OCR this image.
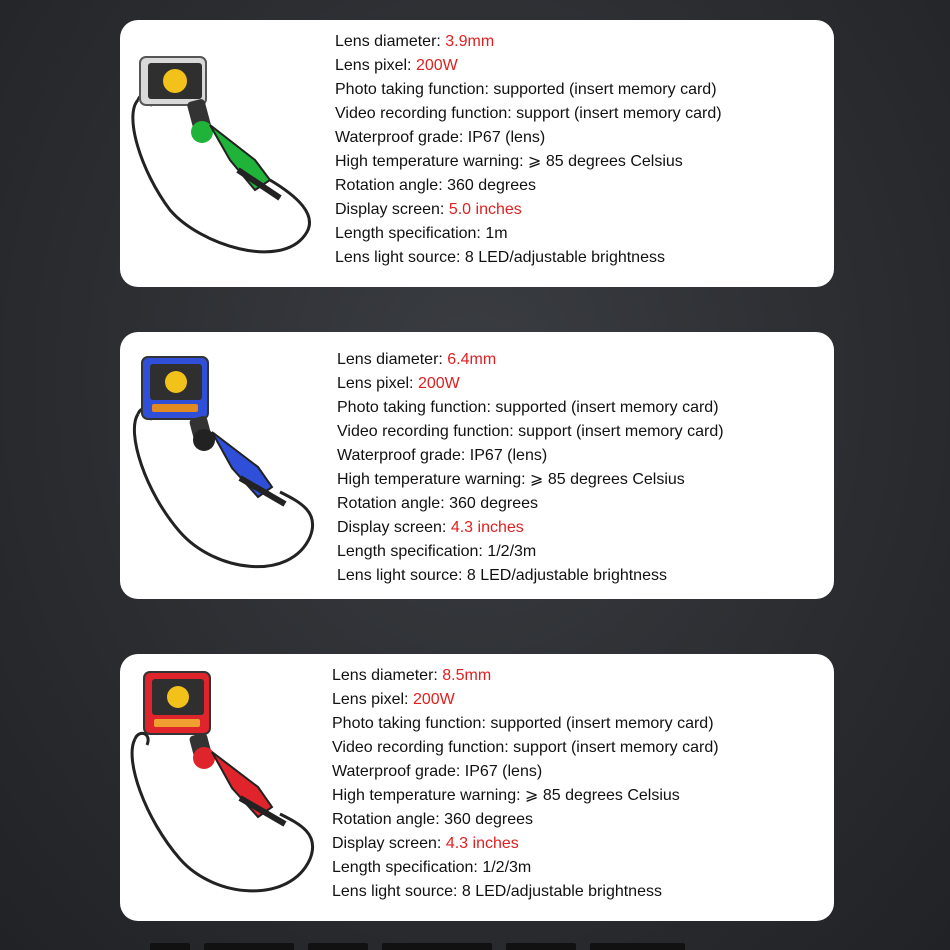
Lens diameter: 3.9mm
Lens pixel: 200W
Photo taking function: supported (insert memory card)
Video recording function: support (insert memory card)
Waterproof grade: IP67 (lens)
High temperature warning: ⩾ 85 degrees Celsius
Rotation angle: 360 degrees
Display screen: 5.0 inches
Length specification: 1m
Lens light source: 8 LED/adjustable brightness
Lens diameter: 6.4mm
Lens pixel: 200W
Photo taking function: supported (insert memory card)
Video recording function: support (insert memory card)
Waterproof grade: IP67 (lens)
High temperature warning: ⩾ 85 degrees Celsius
Rotation angle: 360 degrees
Display screen: 4.3 inches
Length specification: 1/2/3m
Lens light source: 8 LED/adjustable brightness
Lens diameter: 8.5mm
Lens pixel: 200W
Photo taking function: supported (insert memory card)
Video recording function: support (insert memory card)
Waterproof grade: IP67 (lens)
High temperature warning: ⩾ 85 degrees Celsius
Rotation angle: 360 degrees
Display screen: 4.3 inches
Length specification: 1/2/3m
Lens light source: 8 LED/adjustable brightness
